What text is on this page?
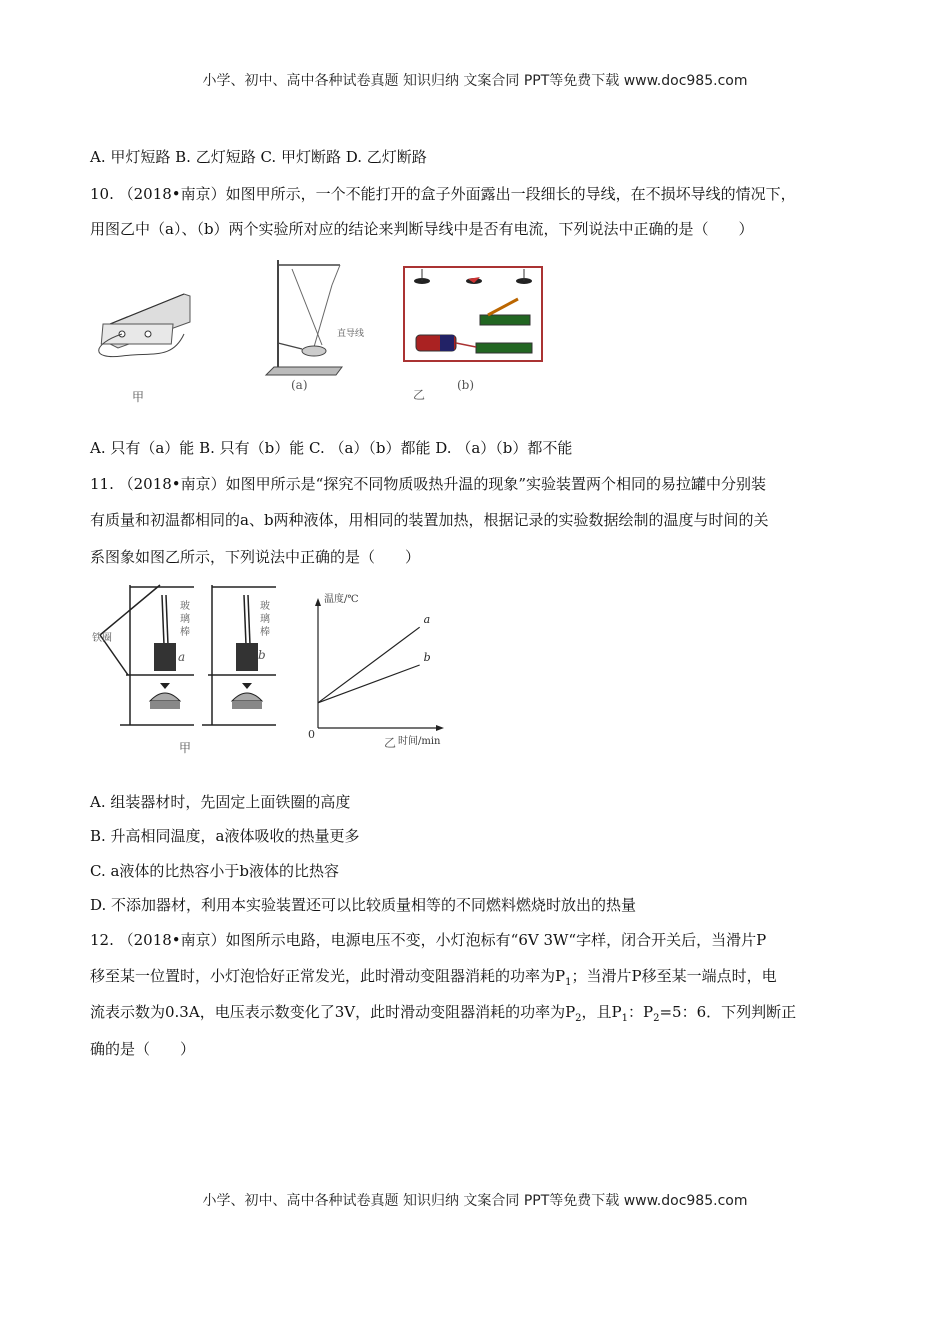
小学、初中、高中各种试卷真题 知识归纳 文案合同 PPT等免费下载 www.doc985.com
A. 甲灯短路 B. 乙灯短路 C. 甲灯断路 D. 乙灯断路
10. （2018•南京）如图甲所示，一个不能打开的盒子外面露出一段细长的导线，在不损坏导线的情况下，
用图乙中（a）、（b）两个实验所对应的结论来判断导线中是否有电流，下列说法中正确的是（　　）
甲
直导线
(a)
乙
(b)
A. 只有（a）能 B. 只有（b）能 C. （a）（b）都能 D. （a）（b）都不能
11. （2018•南京）如图甲所示是“探究不同物质吸热升温的现象”实验装置两个相同的易拉罐中分别装
有质量和初温都相同的a、b两种液体，用相同的装置加热，根据记录的实验数据绘制的温度与时间的关
系图象如图乙所示，下列说法中正确的是（　　）
铁圈
玻
璃
棒
玻
璃
棒
a	b
甲
a
b
温度/℃
时间/min
0
乙
A. 组装器材时，先固定上面铁圈的高度
B. 升高相同温度，a液体吸收的热量更多
C. a液体的比热容小于b液体的比热容
D. 不添加器材，利用本实验装置还可以比较质量相等的不同燃料燃烧时放出的热量
12. （2018•南京）如图所示电路，电源电压不变，小灯泡标有“6V 3W“字样，闭合开关后，当滑片P
移至某一位置时，小灯泡恰好正常发光，此时滑动变阻器消耗的功率为$P_1$；当滑片P移至某一端点时，电
流表示数为0.3A，电压表示数变化了3V，此时滑动变阻器消耗的功率为$P_2$，且$P_1$：$P_2=5$：6．下列判断正
确的是（　　）
小学、初中、高中各种试卷真题 知识归纳 文案合同 PPT等免费下载 www.doc985.com
